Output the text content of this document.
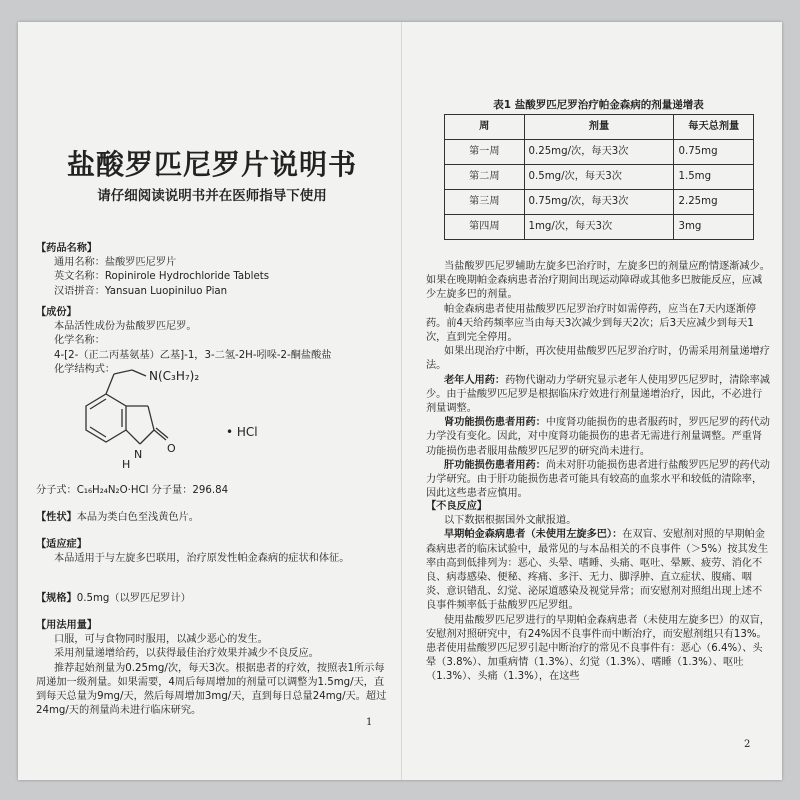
盐酸罗匹尼罗片说明书
请仔细阅读说明书并在医师指导下使用

【药品名称】

通用名称：盐酸罗匹尼罗片

英文名称：Ropinirole Hydrochloride Tablets

汉语拼音：Yansuan Luopiniluo Pian

【成份】

本品活性成份为盐酸罗匹尼罗。

化学名称：

4-[2-（正二丙基氨基）乙基]-1，3-二氢-2H-吲哚-2-酮盐酸盐

化学结构式：	N(C₃H₇)₂
N
H
O
• HCl

分子式：C₁₆H₂₄N₂O·HCl 分子量：296.84

【性状】本品为类白色至浅黄色片。

【适应症】

本品适用于与左旋多巴联用，治疗原发性帕金森病的症状和体征。

【规格】0.5mg（以罗匹尼罗计）

【用法用量】

口服，可与食物同时服用，以减少恶心的发生。

采用剂量递增给药，以获得最佳治疗效果并减少不良反应。

推荐起始剂量为0.25mg/次，每天3次。根据患者的疗效，按照表1所示每周递加一级剂量。如果需要，4周后每周增加的剂量可以调整为1.5mg/天，直到每天总量为9mg/天，然后每周增加3mg/天，直到每日总量24mg/天。超过24mg/天的剂量尚未进行临床研究。

1
表1 盐酸罗匹尼罗治疗帕金森病的剂量递增表
周	剂量	每天总剂量
第一周	0.25mg/次，每天3次	0.75mg
第二周	0.5mg/次，每天3次	1.5mg
第三周	0.75mg/次，每天3次	2.25mg
第四周	1mg/次，每天3次	3mg

当盐酸罗匹尼罗辅助左旋多巴治疗时，左旋多巴的剂量应酌情逐渐减少。如果在晚期帕金森病患者治疗期间出现运动障碍或其他多巴胺能反应，应减少左旋多巴的剂量。

帕金森病患者使用盐酸罗匹尼罗治疗时如需停药，应当在7天内逐渐停药。前4天给药频率应当由每天3次减少到每天2次；后3天应减少到每天1次，直到完全停用。

如果出现治疗中断，再次使用盐酸罗匹尼罗治疗时，仍需采用剂量递增疗法。

老年人用药：药物代谢动力学研究显示老年人使用罗匹尼罗时，清除率减少。由于盐酸罗匹尼罗是根据临床疗效进行剂量递增治疗，因此，不必进行剂量调整。

肾功能损伤患者用药：中度肾功能损伤的患者服药时，罗匹尼罗的药代动力学没有变化。因此，对中度肾功能损伤的患者无需进行剂量调整。严重肾功能损伤患者服用盐酸罗匹尼罗的研究尚未进行。

肝功能损伤患者用药：尚未对肝功能损伤患者进行盐酸罗匹尼罗的药代动力学研究。由于肝功能损伤患者可能具有较高的血浆水平和较低的清除率，因此这些患者应慎用。

【不良反应】

以下数据根据国外文献报道。

早期帕金森病患者（未使用左旋多巴）：在双盲、安慰剂对照的早期帕金森病患者的临床试验中，最常见的与本品相关的不良事件（＞5%）按其发生率由高到低排列为：恶心、头晕、嗜睡、头痛、呕吐、晕厥、疲劳、消化不良、病毒感染、便秘、疼痛、多汗、无力、脚浮肿、直立症状、腹痛、咽炎、意识错乱、幻觉、泌尿道感染及视觉异常；而安慰剂对照组出现上述不良事件频率低于盐酸罗匹尼罗组。

使用盐酸罗匹尼罗进行的早期帕金森病患者（未使用左旋多巴）的双盲，安慰剂对照研究中，有24%因不良事件而中断治疗，而安慰剂组只有13%。患者使用盐酸罗匹尼罗引起中断治疗的常见不良事件有：恶心（6.4%）、头晕（3.8%）、加重病情（1.3%）、幻觉（1.3%）、嗜睡（1.3%）、呕吐（1.3%）、头痛（1.3%），在这些

2
